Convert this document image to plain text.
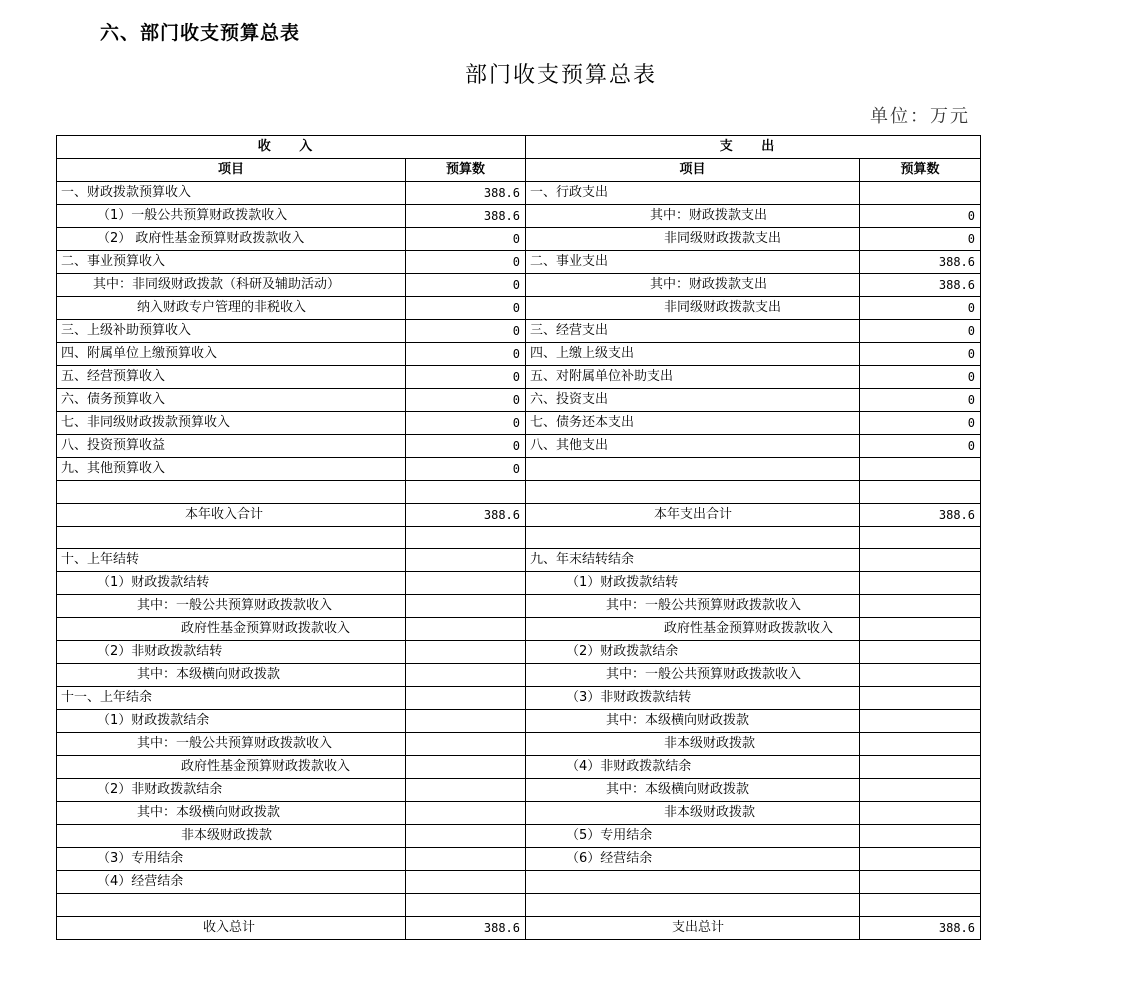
六、部门收支预算总表
部门收支预算总表
单位：万元
收 入		支 出	
项目	预算数	项目	预算数
一、财政拨款预算收入	388.6	一、行政支出	
（1）一般公共预算财政拨款收入	388.6	其中：财政拨款支出	0
（2） 政府性基金预算财政拨款收入	0	非同级财政拨款支出	0
二、事业预算收入	0	二、事业支出	388.6
其中：非同级财政拨款（科研及辅助活动）	0	其中：财政拨款支出	388.6
纳入财政专户管理的非税收入	0	非同级财政拨款支出	0
三、上级补助预算收入	0	三、经营支出	0
四、附属单位上缴预算收入	0	四、上缴上级支出	0
五、经营预算收入	0	五、对附属单位补助支出	0
六、债务预算收入	0	六、投资支出	0
七、非同级财政拨款预算收入	0	七、债务还本支出	0
八、投资预算收益	0	八、其他支出	0
九、其他预算收入	0		

本年收入合计	388.6	本年支出合计	388.6

十、上年结转		九、年末结转结余	
（1）财政拨款结转		（1）财政拨款结转	
其中：一般公共预算财政拨款收入		其中：一般公共预算财政拨款收入	
政府性基金预算财政拨款收入		政府性基金预算财政拨款收入	
（2）非财政拨款结转		（2）财政拨款结余	
其中：本级横向财政拨款		其中：一般公共预算财政拨款收入	
十一、上年结余		（3）非财政拨款结转	
（1）财政拨款结余		其中：本级横向财政拨款	
其中：一般公共预算财政拨款收入		非本级财政拨款	
政府性基金预算财政拨款收入		（4）非财政拨款结余	
（2）非财政拨款结余		其中：本级横向财政拨款	
其中：本级横向财政拨款		非本级财政拨款	
非本级财政拨款		（5）专用结余	
（3）专用结余		（6）经营结余	
（4）经营结余			

收入总计	388.6	支出总计	388.6
